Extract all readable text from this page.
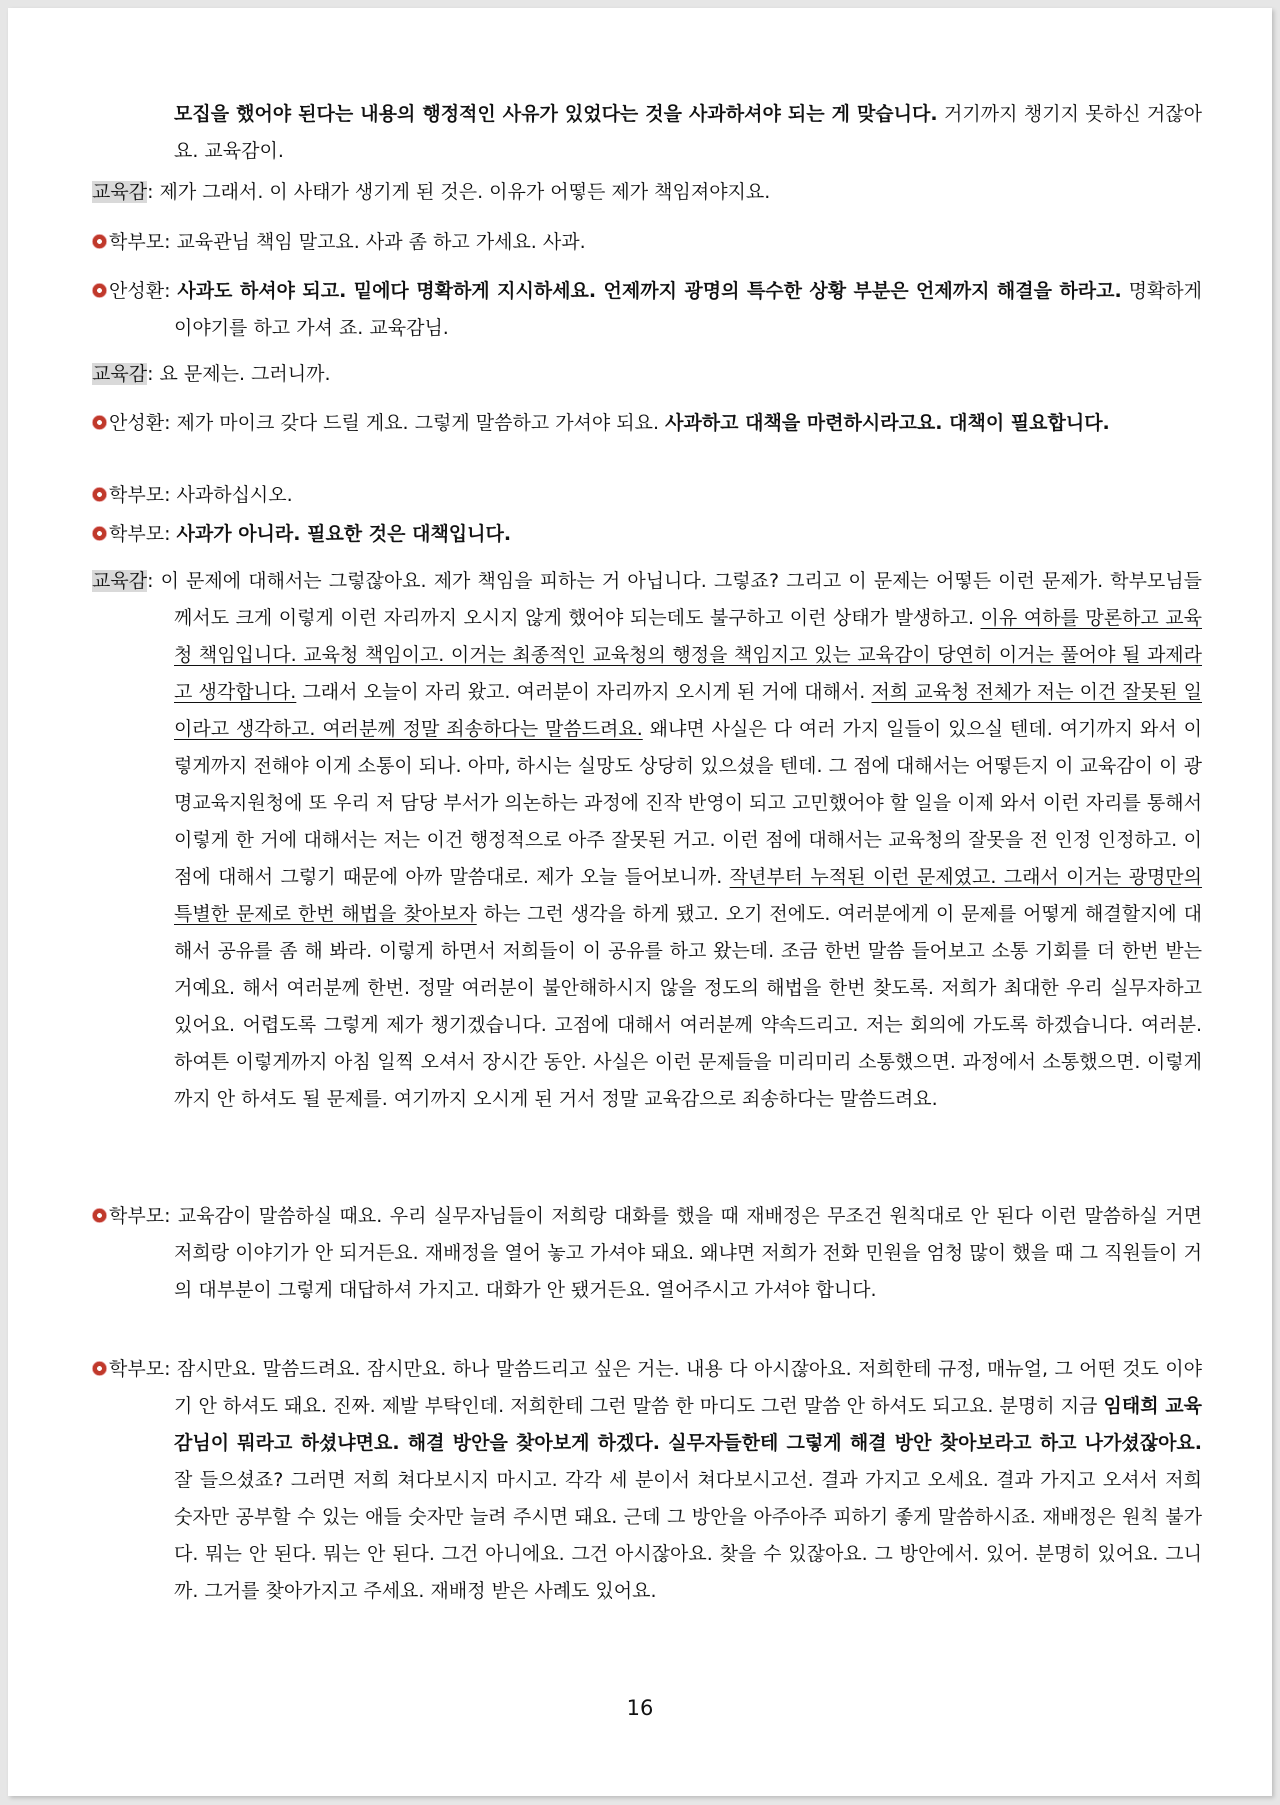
모집을 했어야 된다는 내용의 행정적인 사유가 있었다는 것을 사과하셔야 되는 게 맞습니다. 거기까지 챙기지 못하신 거잖아요. 교육감이.
교육감: 제가 그래서. 이 사태가 생기게 된 것은. 이유가 어떻든 제가 책임져야지요.
학부모: 교육관님 책임 말고요. 사과 좀 하고 가세요. 사과.
안성환: 사과도 하셔야 되고. 밑에다 명확하게 지시하세요. 언제까지 광명의 특수한 상황 부분은 언제까지 해결을 하라고. 명확하게 이야기를 하고 가셔 죠. 교육감님.
교육감: 요 문제는. 그러니까.
안성환: 제가 마이크 갖다 드릴 게요. 그렇게 말씀하고 가셔야 되요. 사과하고 대책을 마련하시라고요. 대책이 필요합니다.
학부모: 사과하십시오.
학부모: 사과가 아니라. 필요한 것은 대책입니다.
교육감: 이 문제에 대해서는 그렇잖아요. 제가 책임을 피하는 거 아닙니다. 그렇죠? 그리고 이 문제는 어떻든 이런 문제가. 학부모님들께서도 크게 이렇게 이런 자리까지 오시지 않게 했어야 되는데도 불구하고 이런 상태가 발생하고. 이유 여하를 망론하고 교육청 책임입니다. 교육청 책임이고. 이거는 최종적인 교육청의 행정을 책임지고 있는 교육감이 당연히 이거는 풀어야 될 과제라고 생각합니다. 그래서 오늘이 자리 왔고. 여러분이 자리까지 오시게 된 거에 대해서. 저희 교육청 전체가 저는 이건 잘못된 일이라고 생각하고. 여러분께 정말 죄송하다는 말씀드려요. 왜냐면 사실은 다 여러 가지 일들이 있으실 텐데. 여기까지 와서 이렇게까지 전해야 이게 소통이 되나. 아마, 하시는 실망도 상당히 있으셨을 텐데. 그 점에 대해서는 어떻든지 이 교육감이 이 광명교육지원청에 또 우리 저 담당 부서가 의논하는 과정에 진작 반영이 되고 고민했어야 할 일을 이제 와서 이런 자리를 통해서 이렇게 한 거에 대해서는 저는 이건 행정적으로 아주 잘못된 거고. 이런 점에 대해서는 교육청의 잘못을 전 인정 인정하고. 이 점에 대해서 그렇기 때문에 아까 말씀대로. 제가 오늘 들어보니까. 작년부터 누적된 이런 문제였고. 그래서 이거는 광명만의 특별한 문제로 한번 해법을 찾아보자 하는 그런 생각을 하게 됐고. 오기 전에도. 여러분에게 이 문제를 어떻게 해결할지에 대해서 공유를 좀 해 봐라. 이렇게 하면서 저희들이 이 공유를 하고 왔는데. 조금 한번 말씀 들어보고 소통 기회를 더 한번 받는 거예요. 해서 여러분께 한번. 정말 여러분이 불안해하시지 않을 정도의 해법을 한번 찾도록. 저희가 최대한 우리 실무자하고 있어요. 어렵도록 그렇게 제가 챙기겠습니다. 고점에 대해서 여러분께 약속드리고. 저는 회의에 가도록 하겠습니다. 여러분. 하여튼 이렇게까지 아침 일찍 오셔서 장시간 동안. 사실은 이런 문제들을 미리미리 소통했으면. 과정에서 소통했으면. 이렇게까지 안 하셔도 될 문제를. 여기까지 오시게 된 거서 정말 교육감으로 죄송하다는 말씀드려요.
학부모: 교육감이 말씀하실 때요. 우리 실무자님들이 저희랑 대화를 했을 때 재배정은 무조건 원칙대로 안 된다 이런 말씀하실 거면 저희랑 이야기가 안 되거든요. 재배정을 열어 놓고 가셔야 돼요. 왜냐면 저희가 전화 민원을 엄청 많이 했을 때 그 직원들이 거의 대부분이 그렇게 대답하셔 가지고. 대화가 안 됐거든요. 열어주시고 가셔야 합니다.
학부모: 잠시만요. 말씀드려요. 잠시만요. 하나 말씀드리고 싶은 거는. 내용 다 아시잖아요. 저희한테 규정, 매뉴얼, 그 어떤 것도 이야기 안 하셔도 돼요. 진짜. 제발 부탁인데. 저희한테 그런 말씀 한 마디도 그런 말씀 안 하셔도 되고요. 분명히 지금 임태희 교육감님이 뭐라고 하셨냐면요. 해결 방안을 찾아보게 하겠다. 실무자들한테 그렇게 해결 방안 찾아보라고 하고 나가셨잖아요. 잘 들으셨죠? 그러면 저희 쳐다보시지 마시고. 각각 세 분이서 쳐다보시고선. 결과 가지고 오세요. 결과 가지고 오셔서 저희 숫자만 공부할 수 있는 애들 숫자만 늘려 주시면 돼요. 근데 그 방안을 아주아주 피하기 좋게 말씀하시죠. 재배정은 원칙 불가다. 뭐는 안 된다. 뭐는 안 된다. 그건 아니에요. 그건 아시잖아요. 찾을 수 있잖아요. 그 방안에서. 있어. 분명히 있어요. 그니까. 그거를 찾아가지고 주세요. 재배정 받은 사례도 있어요.
16
